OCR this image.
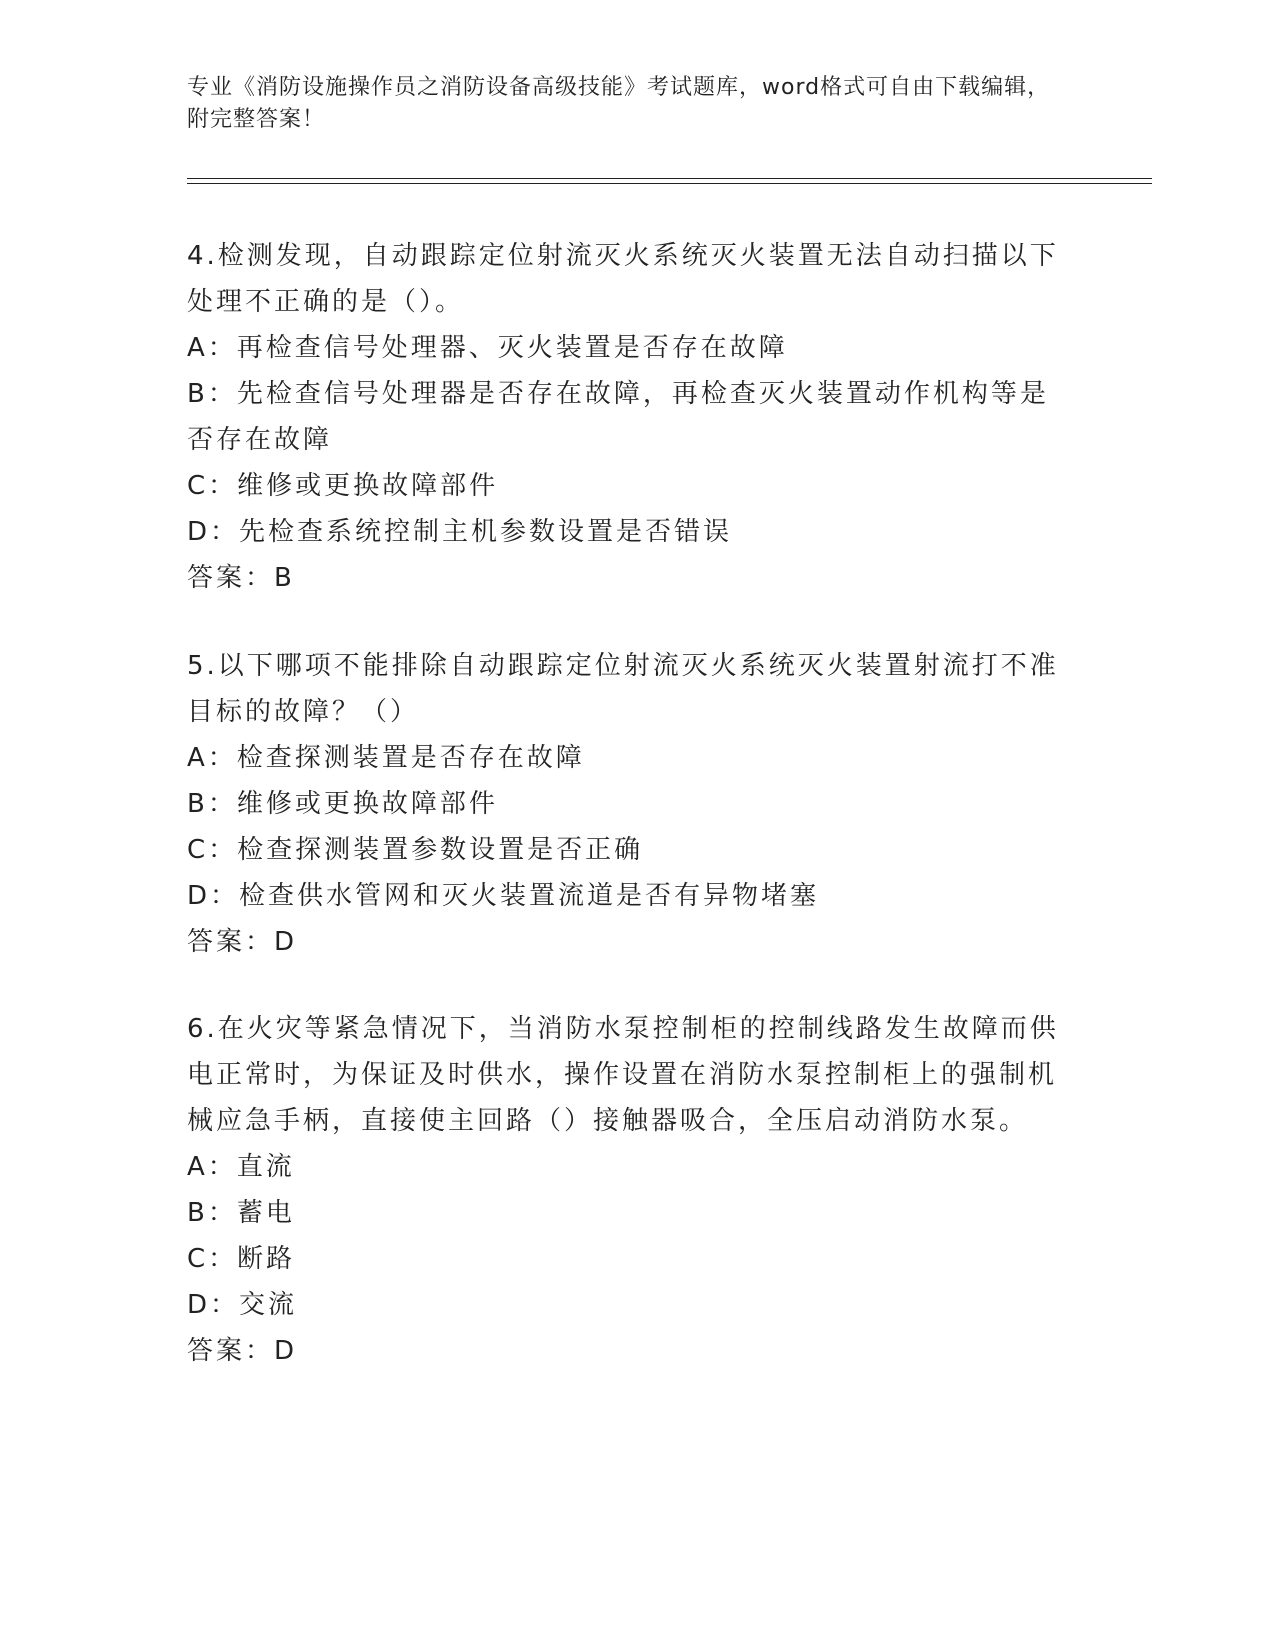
专业《消防设施操作员之消防设备高级技能》考试题库，word格式可自由下载编辑，附完整答案！

4.检测发现，自动跟踪定位射流灭火系统灭火装置无法自动扫描以下处理不正确的是（）。

A：再检查信号处理器、灭火装置是否存在故障

B：先检查信号处理器是否存在故障，再检查灭火装置动作机构等是否存在故障

C：维修或更换故障部件

D：先检查系统控制主机参数设置是否错误

答案：B

5.以下哪项不能排除自动跟踪定位射流灭火系统灭火装置射流打不准目标的故障？（）

A：检查探测装置是否存在故障

B：维修或更换故障部件

C：检查探测装置参数设置是否正确

D：检查供水管网和灭火装置流道是否有异物堵塞

答案：D

6.在火灾等紧急情况下，当消防水泵控制柜的控制线路发生故障而供电正常时，为保证及时供水，操作设置在消防水泵控制柜上的强制机械应急手柄，直接使主回路（）接触器吸合，全压启动消防水泵。

A：直流

B：蓄电

C：断路

D：交流

答案：D
